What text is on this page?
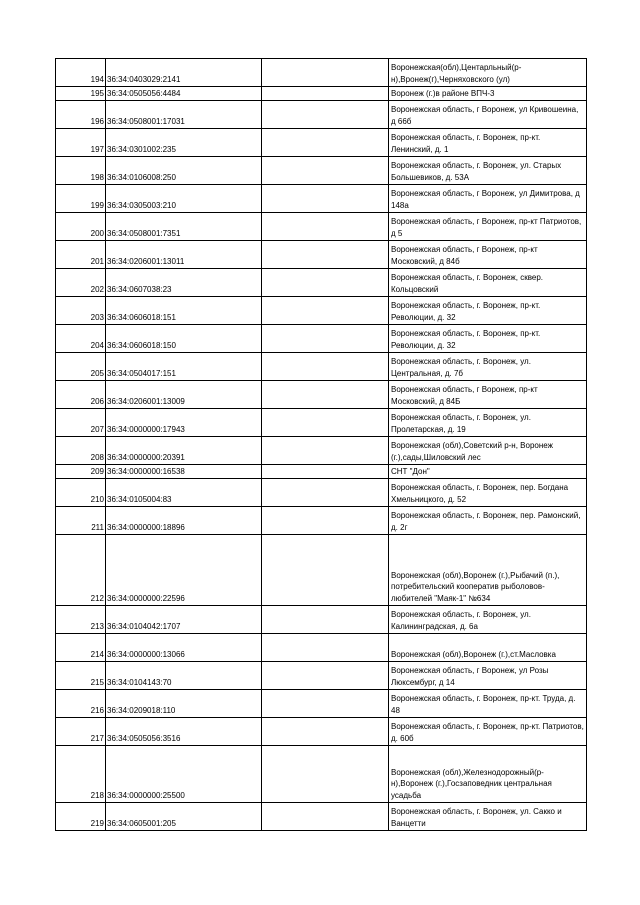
194	36:34:0403029:2141		Воронежская(обл),Центарльный(р-н),Вронеж(г),Черняховского (ул)
195	36:34:0505056:4484		Воронеж (г.)в районе ВПЧ-3
196	36:34:0508001:17031		Воронежская область, г Воронеж, ул Кривошеина, д 66б
197	36:34:0301002:235		Воронежская область, г. Воронеж, пр-кт. Ленинский, д. 1
198	36:34:0106008:250		Воронежская область, г. Воронеж, ул. Старых Большевиков, д. 53А
199	36:34:0305003:210		Воронежская область, г Воронеж, ул Димитрова, д 148а
200	36:34:0508001:7351		Воронежская область, г Воронеж, пр-кт Патриотов, д 5
201	36:34:0206001:13011		Воронежская область, г Воронеж, пр-кт Московский, д 84б
202	36:34:0607038:23		Воронежская область, г. Воронеж, сквер. Кольцовский
203	36:34:0606018:151		Воронежская область, г. Воронеж, пр-кт. Революции, д. 32
204	36:34:0606018:150		Воронежская область, г. Воронеж, пр-кт. Революции, д. 32
205	36:34:0504017:151		Воронежская область, г. Воронеж, ул. Центральная, д. 7б
206	36:34:0206001:13009		Воронежская область, г Воронеж, пр-кт Московский, д 84Б
207	36:34:0000000:17943		Воронежская область, г. Воронеж, ул. Пролетарская, д. 19
208	36:34:0000000:20391		Воронежская (обл),Советский р-н, Воронеж (г.),сады,Шиловский лес
209	36:34:0000000:16538		СНТ "Дон"
210	36:34:0105004:83		Воронежская область, г. Воронеж, пер. Богдана Хмельницкого, д. 52
211	36:34:0000000:18896		Воронежская область, г. Воронеж, пер. Рамонский, д. 2г
212	36:34:0000000:22596		Воронежская (обл),Воронеж (г.),Рыбачий (п.), потребительский кооператив рыболовов-любителей "Маяк-1" №634
213	36:34:0104042:1707		Воронежская область, г. Воронеж, ул. Калининградская, д. 6а
214	36:34:0000000:13066		Воронежская (обл),Воронеж (г.),ст.Масловка
215	36:34:0104143:70		Воронежская область, г Воронеж, ул Розы Люксембург, д 14
216	36:34:0209018:110		Воронежская область, г. Воронеж, пр-кт. Труда, д. 48
217	36:34:0505056:3516		Воронежская область, г. Воронеж, пр-кт. Патриотов, д. 60б
218	36:34:0000000:25500		Воронежская (обл),Железнодорожный(р-н),Воронеж (г.),Госзаповедник центральная усадьба
219	36:34:0605001:205		Воронежская область, г. Воронеж, ул. Сакко и Ванцетти
